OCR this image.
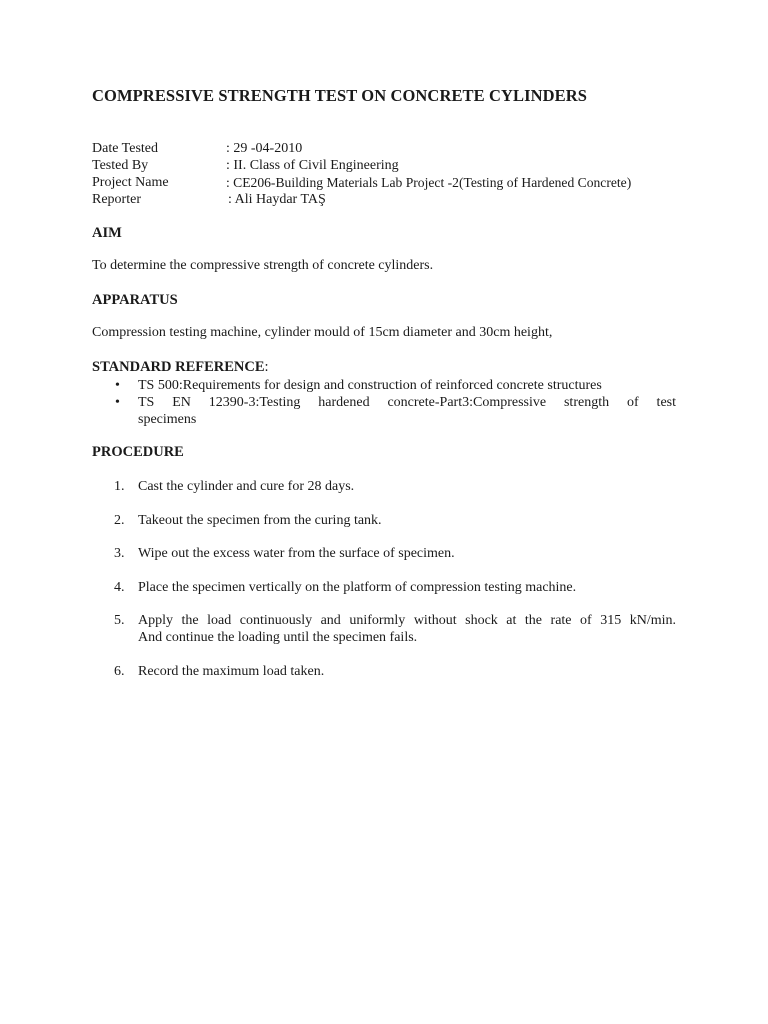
COMPRESSIVE STRENGTH TEST ON CONCRETE CYLINDERS
Date Tested	: 29 -04-2010
Tested By	: II. Class of Civil Engineering
Project Name	: CE206-Building Materials Lab Project -2(Testing of Hardened Concrete)
Reporter	: Ali Haydar TAŞ
AIM
To determine the compressive strength of concrete cylinders.
APPARATUS
Compression testing machine, cylinder mould of 15cm diameter and 30cm height,
STANDARD REFERENCE:
• TS 500:Requirements for design and construction of reinforced concrete structures
• TS EN 12390-3:Testing hardened concrete-Part3:Compressive strength of test
specimens
PROCEDURE
1. Cast the cylinder and cure for 28 days.
2. Takeout the specimen from the curing tank.
3. Wipe out the excess water from the surface of specimen.
4. Place the specimen vertically on the platform of compression testing machine.
5. Apply the load continuously and uniformly without shock at the rate of 315 kN/min.
And continue the loading until the specimen fails.
6. Record the maximum load taken.
